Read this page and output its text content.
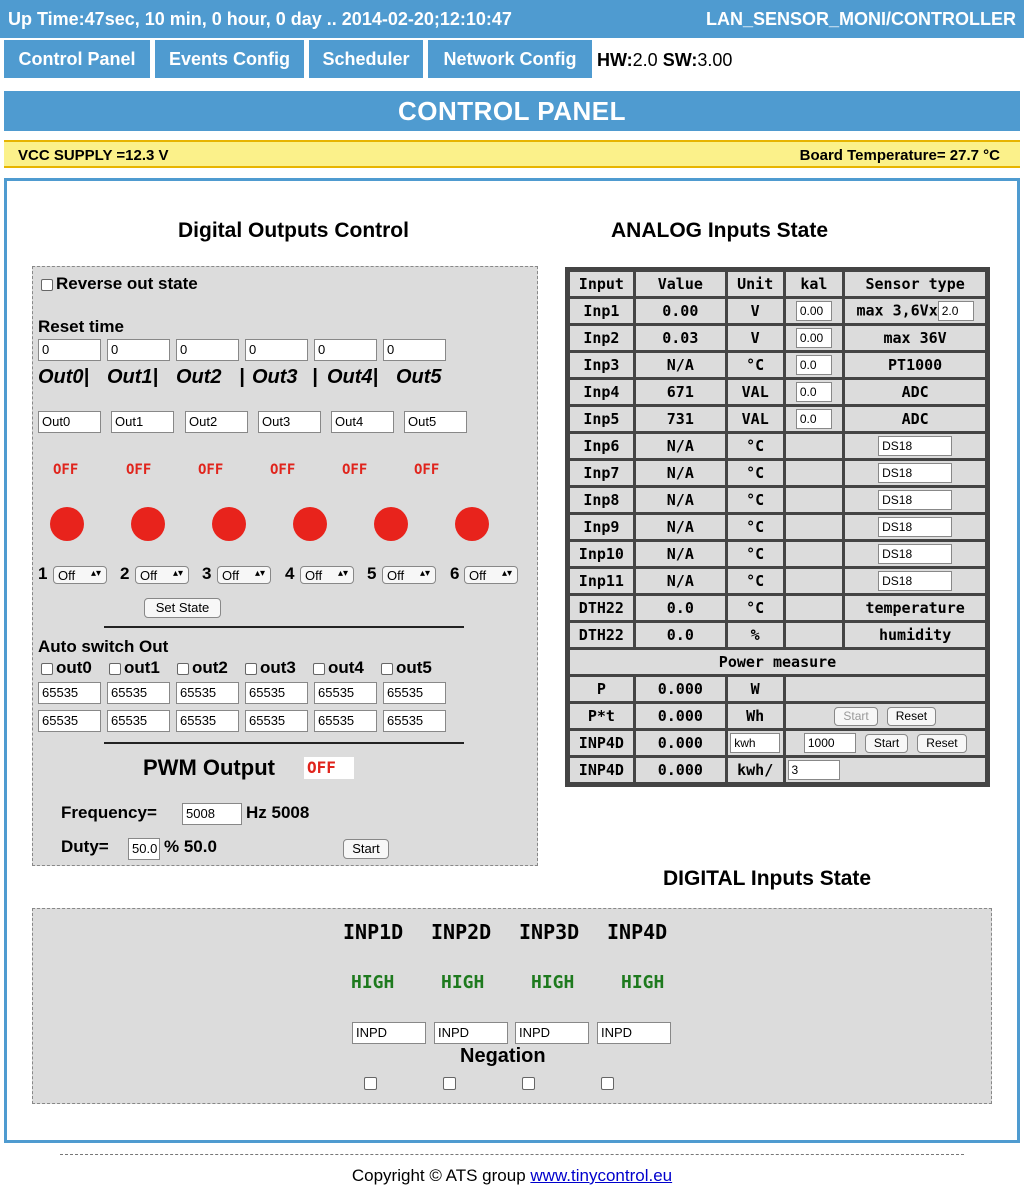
Up Time:47sec, 10 min, 0 hour, 0 day .. 2014-02-20;12:10:47	LAN_SENSOR_MONI/CONTROLLER
Control Panel	Events Config	Scheduler	Network Config	HW:2.0 SW:3.00
CONTROL PANEL
VCC SUPPLY =12.3 V	Board Temperature= 27.7 °C
Digital Outputs Control	ANALOG Inputs State
Reverse out state
Reset time
0	0	0	0	0	0
Out0| Out1| Out2 | Out3 | Out4| Out5
Out0	Out1	Out2	Out3	Out4	Out5
OFF	OFF	OFF	OFF	OFF	OFF
1 Off ▴▾ 2 Off ▴▾ 3 Off ▴▾ 4 Off ▴▾ 5 Off ▴▾ 6 Off ▴▾
Set State
Auto switch Out
out0 out1 out2 out3 out4 out5
65535	65535	65535	65535	65535	65535
65535	65535	65535	65535	65535	65535
PWM Output OFF
Frequency=	5008	Hz 5008
Duty=	50.0 % 50.0	Start
Input	Value	Unit	kal	Sensor type
Inp1	0.00	V	0.00	max 3,6Vx 2.0
Inp2	0.03	V	0.00	max 36V
Inp3	N/A	°C	0.0	PT1000
Inp4	671	VAL	0.0	ADC
Inp5	731	VAL	0.0	ADC
Inp6	N/A	°C		DS18
Inp7	N/A	°C		DS18
Inp8	N/A	°C		DS18
Inp9	N/A	°C		DS18
Inp10	N/A	°C		DS18
Inp11	N/A	°C		DS18
DTH22	0.0	°C		temperature
DTH22	0.0	%		humidity
Power measure				
P	0.000	W		
P*t	0.000	Wh	Start Reset	
INP4D	0.000	kwh	1000 Start Reset	
INP4D	0.000	kwh/	3	
DIGITAL Inputs State
INP1D INP2D INP3D INP4D
HIGH	HIGH	HIGH	HIGH
INPD	INPD	INPD	INPD
Negation
Copyright © ATS group www.tinycontrol.eu
